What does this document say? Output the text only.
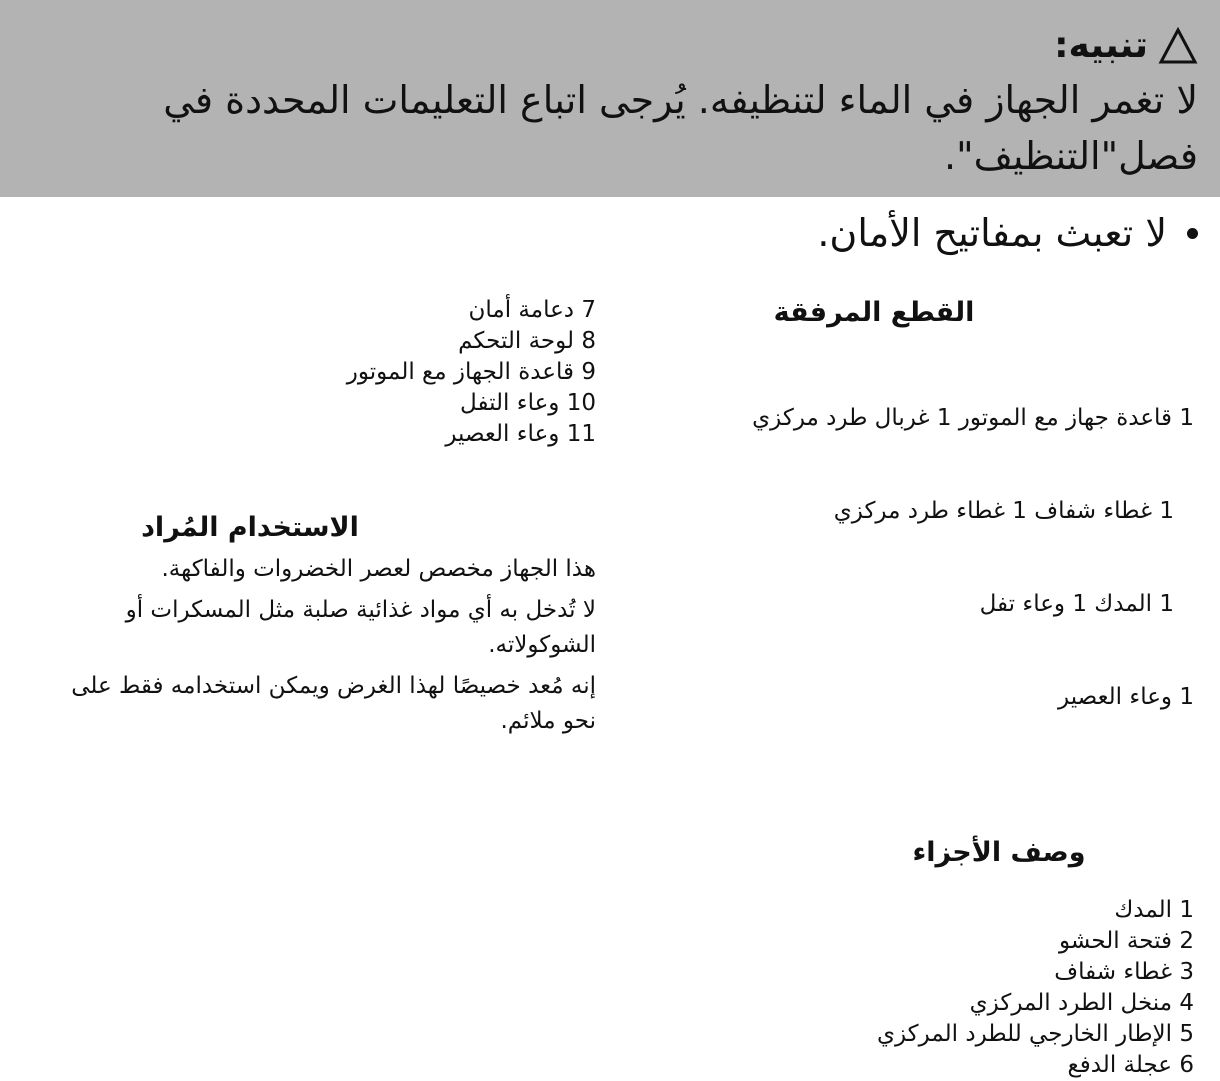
تنبيه:
لا تغمر الجهاز في الماء لتنظيفه. يُرجى اتباع التعليمات المحددة في
فصل"التنظيف".
لا تعبث بمفاتيح الأمان.
القطع المرفقة

1 قاعدة جهاز مع الموتور 1 غربال طرد مركزي

1 غطاء شفاف 1 غطاء طرد مركزي

1 المدك 1 وعاء تفل

1 وعاء العصير

وصف الأجزاء
1 المدك
2 فتحة الحشو
3 غطاء شفاف
4 منخل الطرد المركزي
5 الإطار الخارجي للطرد المركزي
6 عجلة الدفع
7 دعامة أمان
8 لوحة التحكم
9 قاعدة الجهاز مع الموتور
10 وعاء التفل
11 وعاء العصير
الاستخدام المُراد

هذا الجهاز مخصص لعصر الخضروات والفاكهة.

لا تُدخل به أي مواد غذائية صلبة مثل المسكرات أو الشوكولاته.

إنه مُعد خصيصًا لهذا الغرض ويمكن استخدامه فقط على نحو ملائم.
